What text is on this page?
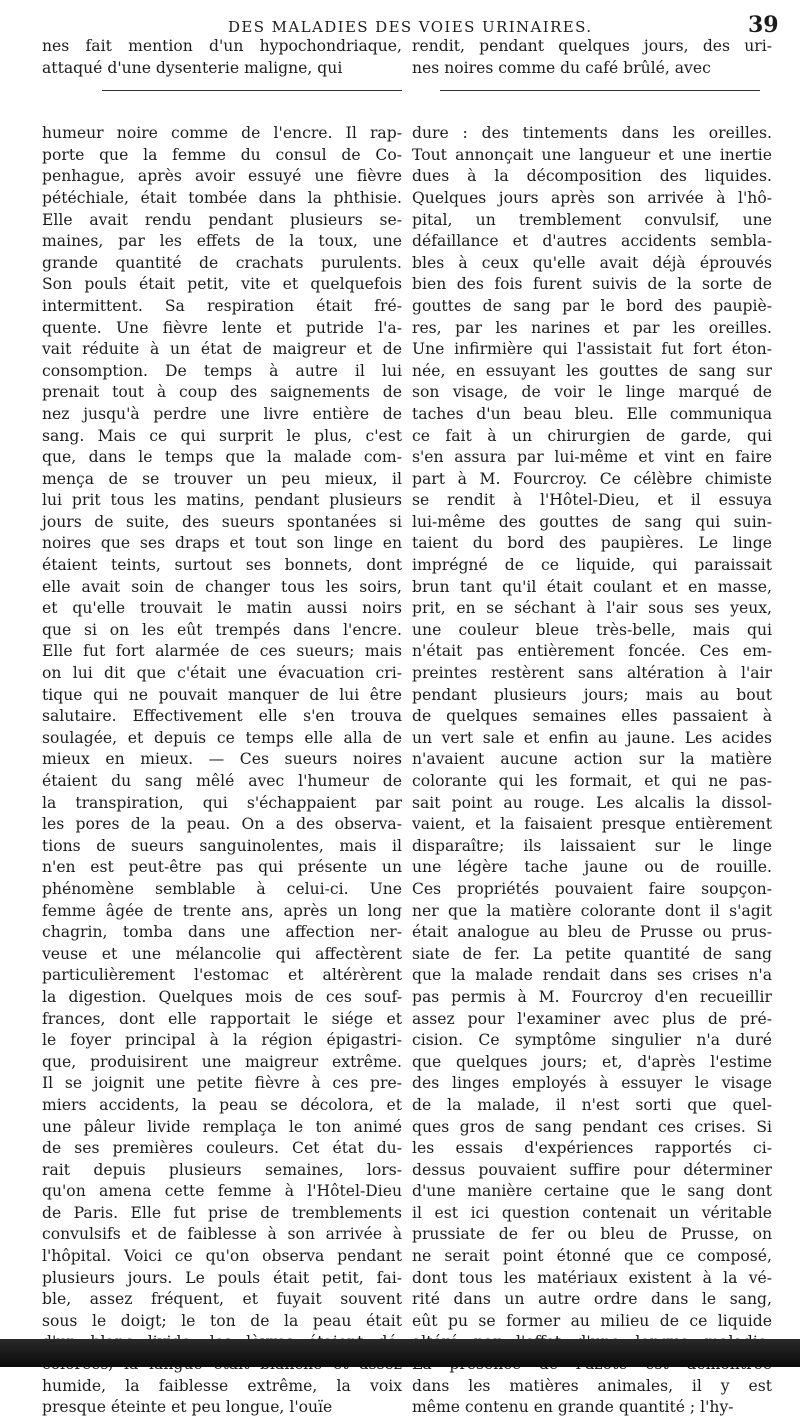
DES MALADIES DES VOIES URINAIRES.	39

nes fait mention d'un hypochondriaque,

attaqué d'une dysenterie maligne, qui

humeur noire comme de l'encre. Il rap-

porte que la femme du consul de Co-

penhague, après avoir essuyé une fièvre

pétéchiale, était tombée dans la phthisie.

Elle avait rendu pendant plusieurs se-

maines, par les effets de la toux, une

grande quantité de crachats purulents.

Son pouls était petit, vite et quelquefois

intermittent. Sa respiration était fré-

quente. Une fièvre lente et putride l'a-

vait réduite à un état de maigreur et de

consomption. De temps à autre il lui

prenait tout à coup des saignements de

nez jusqu'à perdre une livre entière de

sang. Mais ce qui surprit le plus, c'est

que, dans le temps que la malade com-

mença de se trouver un peu mieux, il

lui prit tous les matins, pendant plusieurs

jours de suite, des sueurs spontanées si

noires que ses draps et tout son linge en

étaient teints, surtout ses bonnets, dont

elle avait soin de changer tous les soirs,

et qu'elle trouvait le matin aussi noirs

que si on les eût trempés dans l'encre.

Elle fut fort alarmée de ces sueurs; mais

on lui dit que c'était une évacuation cri-

tique qui ne pouvait manquer de lui être

salutaire. Effectivement elle s'en trouva

soulagée, et depuis ce temps elle alla de

mieux en mieux. — Ces sueurs noires

étaient du sang mêlé avec l'humeur de

la transpiration, qui s'échappaient par

les pores de la peau. On a des observa-

tions de sueurs sanguinolentes, mais il

n'en est peut-être pas qui présente un

phénomène semblable à celui-ci. Une

femme âgée de trente ans, après un long

chagrin, tomba dans une affection ner-

veuse et une mélancolie qui affectèrent

particulièrement l'estomac et altérèrent

la digestion. Quelques mois de ces souf-

frances, dont elle rapportait le siége et

le foyer principal à la région épigastri-

que, produisirent une maigreur extrême.

Il se joignit une petite fièvre à ces pre-

miers accidents, la peau se décolora, et

une pâleur livide remplaça le ton animé

de ses premières couleurs. Cet état du-

rait depuis plusieurs semaines, lors-

qu'on amena cette femme à l'Hôtel-Dieu

de Paris. Elle fut prise de tremblements

convulsifs et de faiblesse à son arrivée à

l'hôpital. Voici ce qu'on observa pendant

plusieurs jours. Le pouls était petit, fai-

ble, assez fréquent, et fuyait souvent

sous le doigt; le ton de la peau était

humide, la faiblesse extrême, la voix

presque éteinte et peu longue, l'ouïe

rendit, pendant quelques jours, des uri-

nes noires comme du café brûlé, avec

dure : des tintements dans les oreilles.

Tout annonçait une langueur et une inertie

dues à la décomposition des liquides.

Quelques jours après son arrivée à l'hô-

pital, un tremblement convulsif, une

défaillance et d'autres accidents sembla-

bles à ceux qu'elle avait déjà éprouvés

bien des fois furent suivis de la sorte de

gouttes de sang par le bord des paupiè-

res, par les narines et par les oreilles.

Une infirmière qui l'assistait fut fort éton-

née, en essuyant les gouttes de sang sur

son visage, de voir le linge marqué de

taches d'un beau bleu. Elle communiqua

ce fait à un chirurgien de garde, qui

s'en assura par lui-même et vint en faire

part à M. Fourcroy. Ce célèbre chimiste

se rendit à l'Hôtel-Dieu, et il essuya

lui-même des gouttes de sang qui suin-

taient du bord des paupières. Le linge

imprégné de ce liquide, qui paraissait

brun tant qu'il était coulant et en masse,

prit, en se séchant à l'air sous ses yeux,

une couleur bleue très-belle, mais qui

n'était pas entièrement foncée. Ces em-

preintes restèrent sans altération à l'air

pendant plusieurs jours; mais au bout

de quelques semaines elles passaient à

un vert sale et enfin au jaune. Les acides

n'avaient aucune action sur la matière

colorante qui les formait, et qui ne pas-

sait point au rouge. Les alcalis la dissol-

vaient, et la faisaient presque entièrement

disparaître; ils laissaient sur le linge

une légère tache jaune ou de rouille.

Ces propriétés pouvaient faire soupçon-

ner que la matière colorante dont il s'agit

était analogue au bleu de Prusse ou prus-

siate de fer. La petite quantité de sang

que la malade rendait dans ses crises n'a

pas permis à M. Fourcroy d'en recueillir

assez pour l'examiner avec plus de pré-

cision. Ce symptôme singulier n'a duré

que quelques jours; et, d'après l'estime

des linges employés à essuyer le visage

de la malade, il n'est sorti que quel-

ques gros de sang pendant ces crises. Si

les essais d'expériences rapportés ci-

dessus pouvaient suffire pour déterminer

d'une manière certaine que le sang dont

il est ici question contenait un véritable

prussiate de fer ou bleu de Prusse, on

ne serait point étonné que ce composé,

dont tous les matériaux existent à la vé-

rité dans un autre ordre dans le sang,

eût pu se former au milieu de ce liquide

dans les matières animales, il y est

même contenu en grande quantité ; l'hy-
